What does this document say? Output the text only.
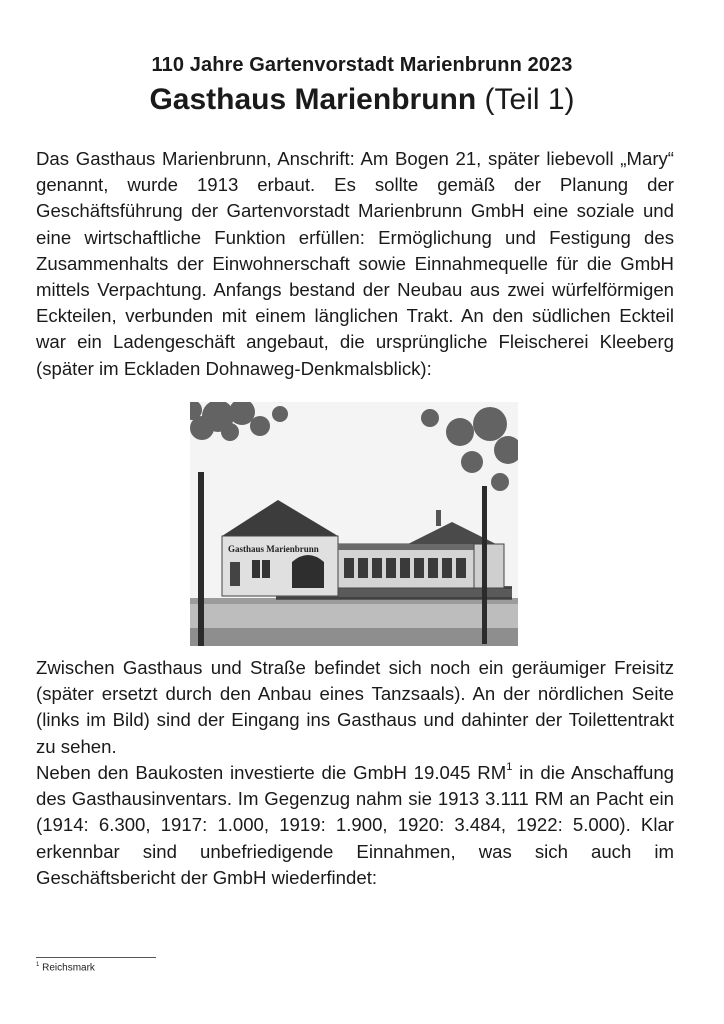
110 Jahre Gartenvorstadt Marienbrunn 2023
Gasthaus Marienbrunn (Teil 1)
Das Gasthaus Marienbrunn, Anschrift: Am Bogen 21, später liebevoll „Mary“ genannt, wurde 1913 erbaut. Es sollte gemäß der Planung der Geschäftsführung der Gartenvorstadt Marienbrunn GmbH eine soziale und eine wirtschaftliche Funktion erfüllen: Ermöglichung und Festigung des Zusammenhalts der Einwohnerschaft sowie Einnahmequelle für die GmbH mittels Verpachtung. Anfangs bestand der Neubau aus zwei würfelförmigen Eckteilen, verbunden mit einem länglichen Trakt. An den südlichen Eckteil war ein Ladengeschäft angebaut, die ursprüngliche Fleischerei Kleeberg (später im Eckladen Dohnaweg-Denkmalsblick):
Gasthaus Marienbrunn
Zwischen Gasthaus und Straße befindet sich noch ein geräumiger Freisitz (später ersetzt durch den Anbau eines Tanzsaals). An der nördlichen Seite (links im Bild) sind der Eingang ins Gasthaus und dahinter der Toilettentrakt zu sehen.
Neben den Baukosten investierte die GmbH 19.045 $RM^1$ in die Anschaffung des Gasthausinventars. Im Gegenzug nahm sie 1913 3.111 RM an Pacht ein (1914: 6.300, 1917: 1.000, 1919: 1.900, 1920: 3.484, 1922: 5.000). Klar erkennbar sind unbefriedigende Einnahmen, was sich auch im Geschäftsbericht der GmbH wiederfindet:
$^1$ Reichsmark
